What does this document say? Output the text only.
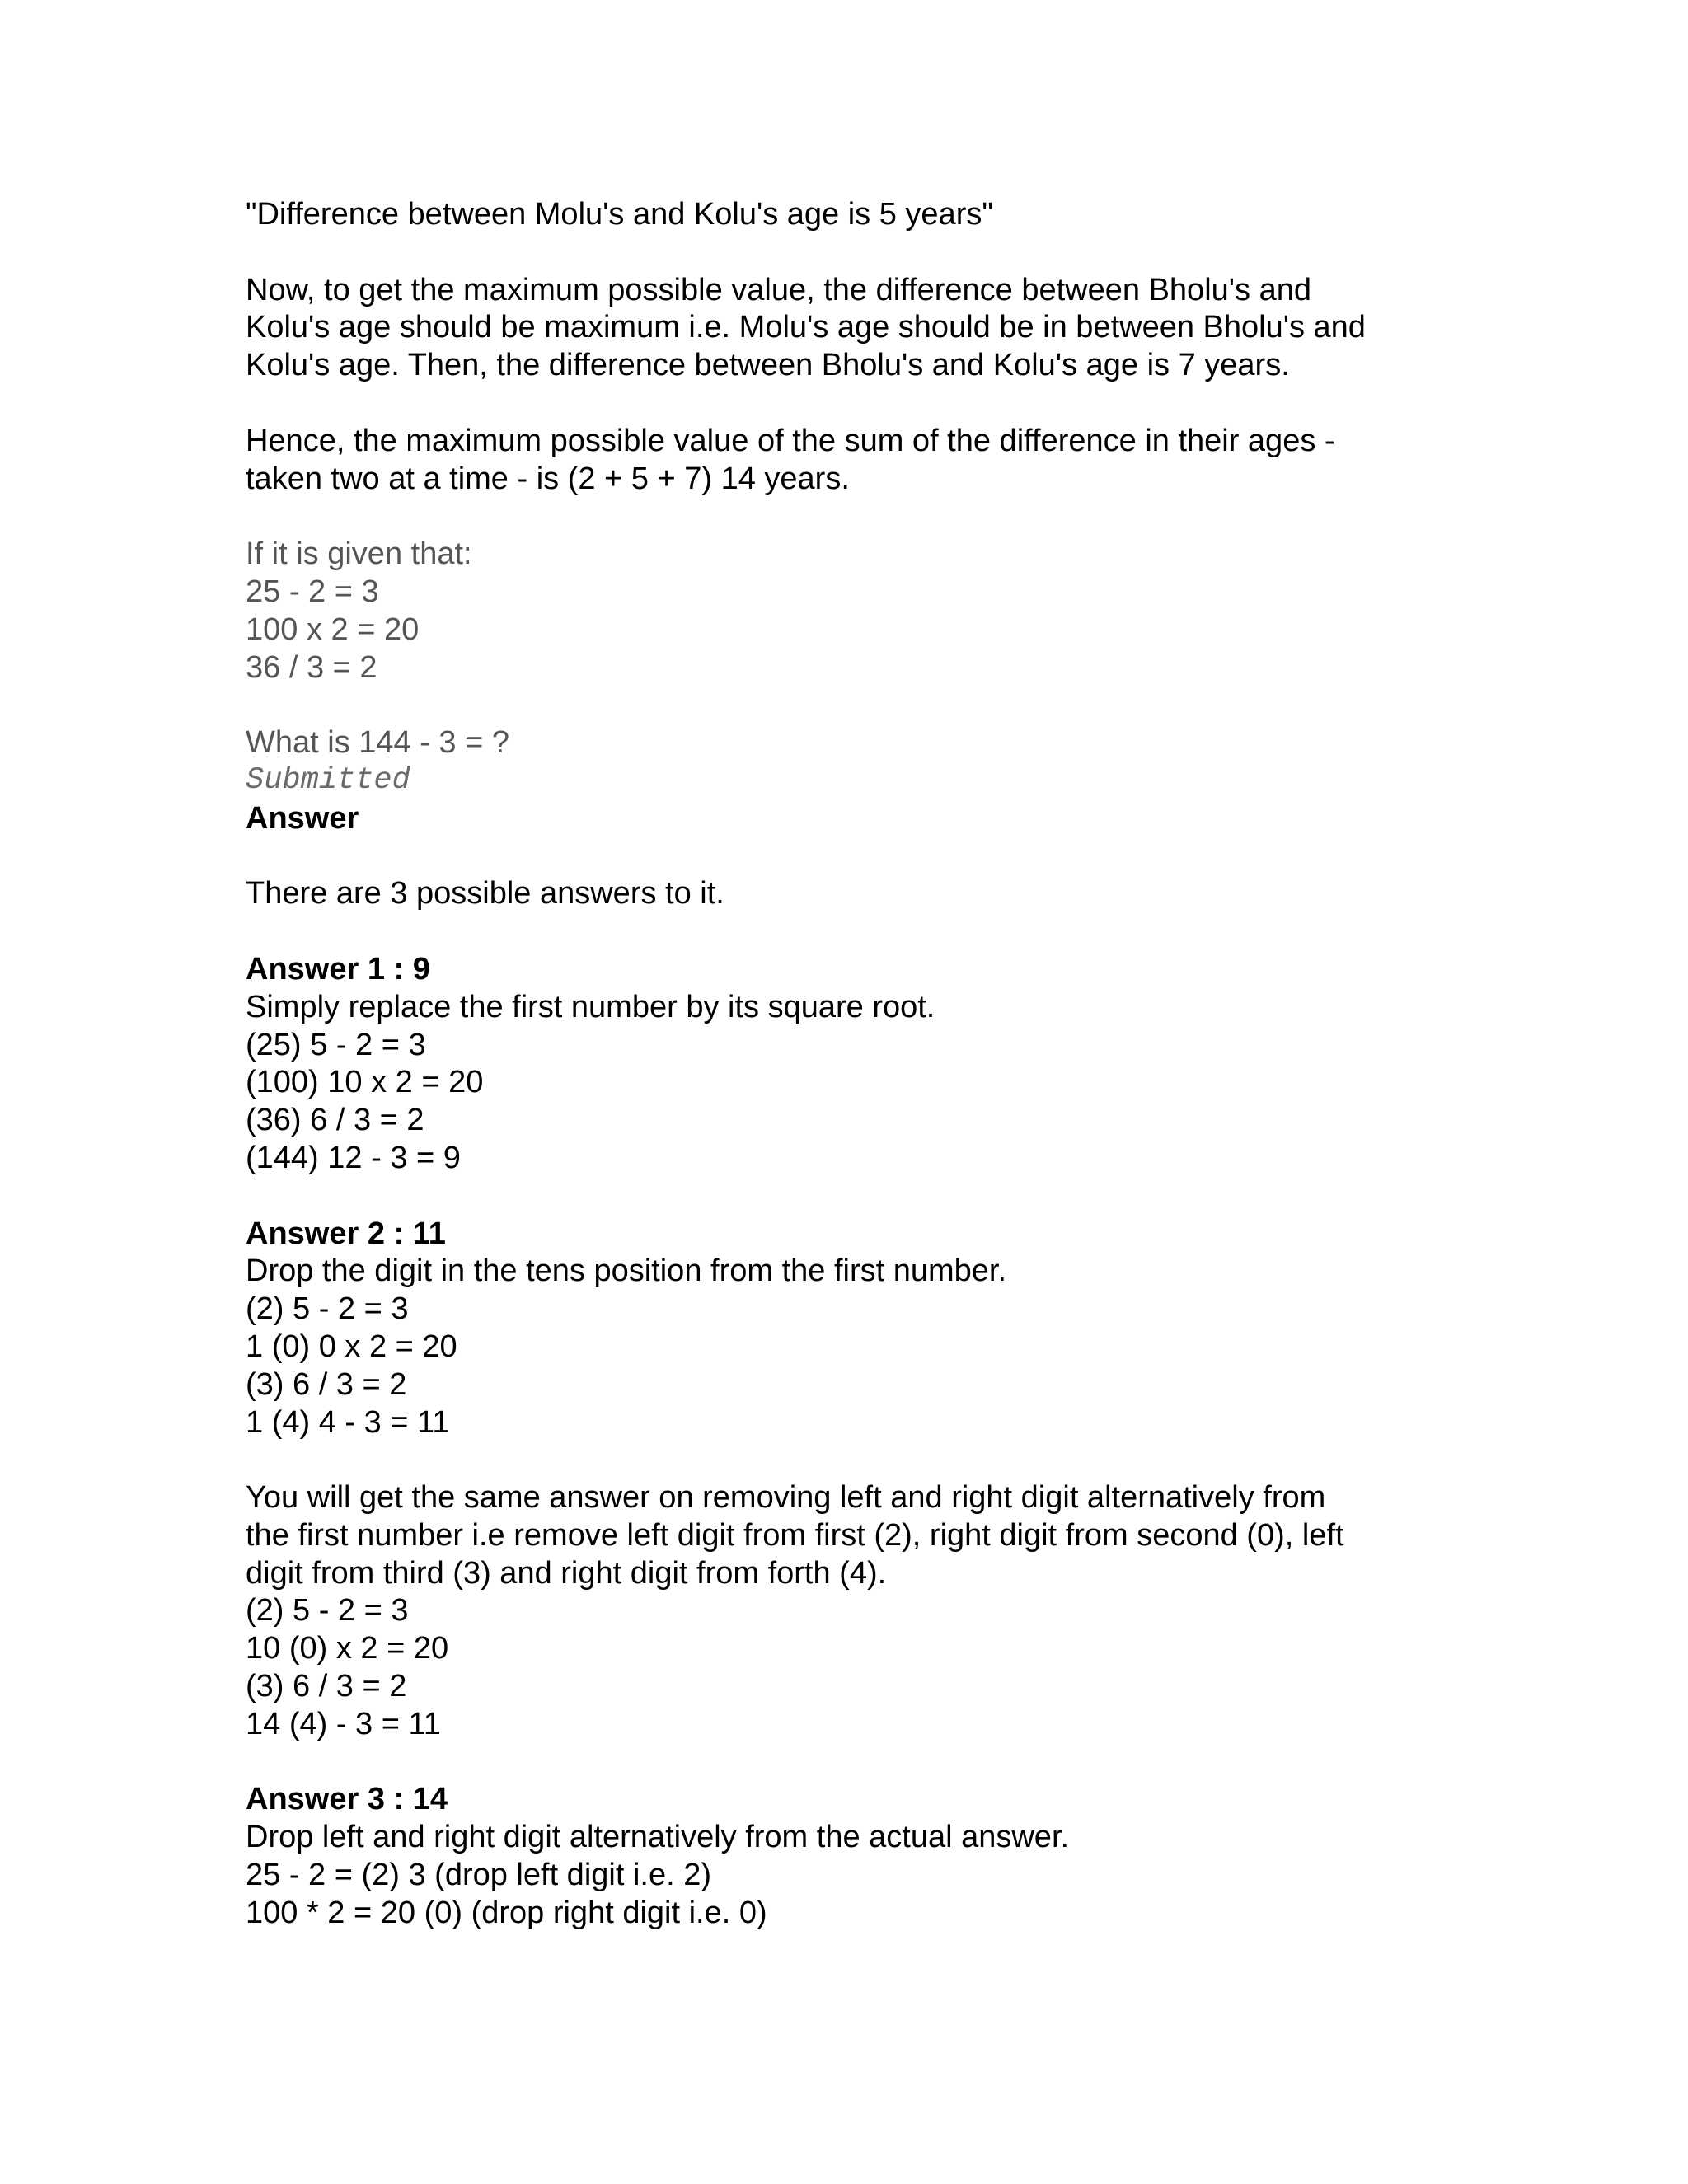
"Difference between Molu's and Kolu's age is 5 years"
Now, to get the maximum possible value, the difference between Bholu's and
Kolu's age should be maximum i.e. Molu's age should be in between Bholu's and
Kolu's age. Then, the difference between Bholu's and Kolu's age is 7 years.
Hence, the maximum possible value of the sum of the difference in their ages -
taken two at a time - is (2 + 5 + 7) 14 years.
If it is given that:
25 - 2 = 3
100 x 2 = 20
36 / 3 = 2
What is 144 - 3 = ?
Submitted
Answer
There are 3 possible answers to it.
Answer 1 : 9
Simply replace the first number by its square root.
(25) 5 - 2 = 3
(100) 10 x 2 = 20
(36) 6 / 3 = 2
(144) 12 - 3 = 9
Answer 2 : 11
Drop the digit in the tens position from the first number.
(2) 5 - 2 = 3
1 (0) 0 x 2 = 20
(3) 6 / 3 = 2
1 (4) 4 - 3 = 11
You will get the same answer on removing left and right digit alternatively from
the first number i.e remove left digit from first (2), right digit from second (0), left
digit from third (3) and right digit from forth (4).
(2) 5 - 2 = 3
10 (0) x 2 = 20
(3) 6 / 3 = 2
14 (4) - 3 = 11
Answer 3 : 14
Drop left and right digit alternatively from the actual answer.
25 - 2 = (2) 3 (drop left digit i.e. 2)
100 * 2 = 20 (0) (drop right digit i.e. 0)
